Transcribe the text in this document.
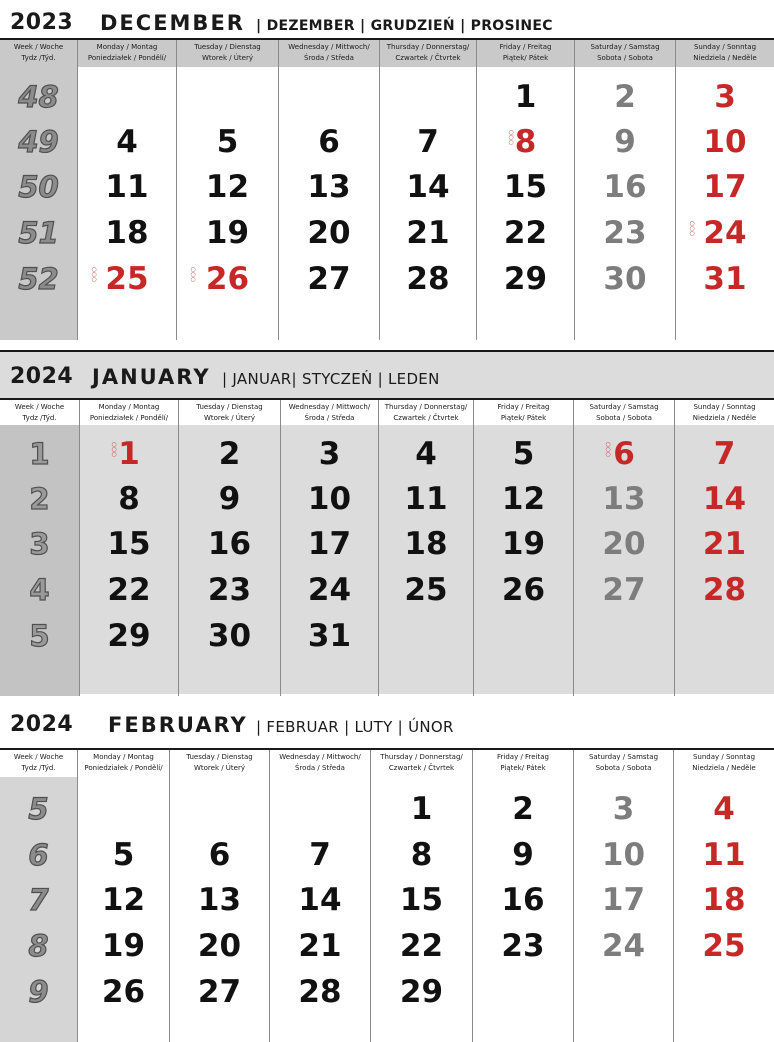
2023 DECEMBER | DEZEMBER | GRUDZIEŃ | PROSINEC
Week / Woche
Tydz /Týd.
Monday / Montag
Poniedziałek / Pondělí/
Tuesday / Dienstag
Wtorek / Úterý
Wednesday / Mittwoch/
Środa / Středa
Thursday / Donnerstag/
Czwartek / Čtvrtek
Friday / Freitag
Piątek/ Pátek
Saturday / Samstag
Sobota / Sobota
Sunday / Sonntag
Niedziela / Neděle
48
49
50
51
52
4
11
18
○
○
○ 25
5
12
19
○
○
○ 26
6
13
20
27
7
14
21
28
1
○
○
○ 8
15
22
29
2
9
16
23
30
3
10
17
○
○
○ 24
31
2024 JANUARY | JANUAR| STYCZEŃ | LEDEN
Week / Woche
Tydz /Týd.
Monday / Montag
Poniedziałek / Pondělí/
Tuesday / Dienstag
Wtorek / Úterý
Wednesday / Mittwoch/
Środa / Středa
Thursday / Donnerstag/
Czwartek / Čtvrtek
Friday / Freitag
Piątek/ Pátek
Saturday / Samstag
Sobota / Sobota
Sunday / Sonntag
Niedziela / Neděle
1
2
3
4
5
○
○
○ 1
8
15
22
29
2
9
16
23
30
3
10
17
24
31
4
11
18
25
5
12
19
26
○
○
○ 6
13
20
27
7
14
21
28
2024 FEBRUARY | FEBRUAR | LUTY | ÚNOR
Week / Woche
Tydz /Týd.
Monday / Montag
Poniedziałek / Pondělí/
Tuesday / Dienstag
Wtorek / Úterý
Wednesday / Mittwoch/
Środa / Středa
Thursday / Donnerstag/
Czwartek / Čtvrtek
Friday / Freitag
Piątek/ Pátek
Saturday / Samstag
Sobota / Sobota
Sunday / Sonntag
Niedziela / Neděle
5
6
7
8
9
5
12
19
26
6
13
20
27
7
14
21
28
1
8
15
22
29
2
9
16
23
3
10
17
24
4
11
18
25
